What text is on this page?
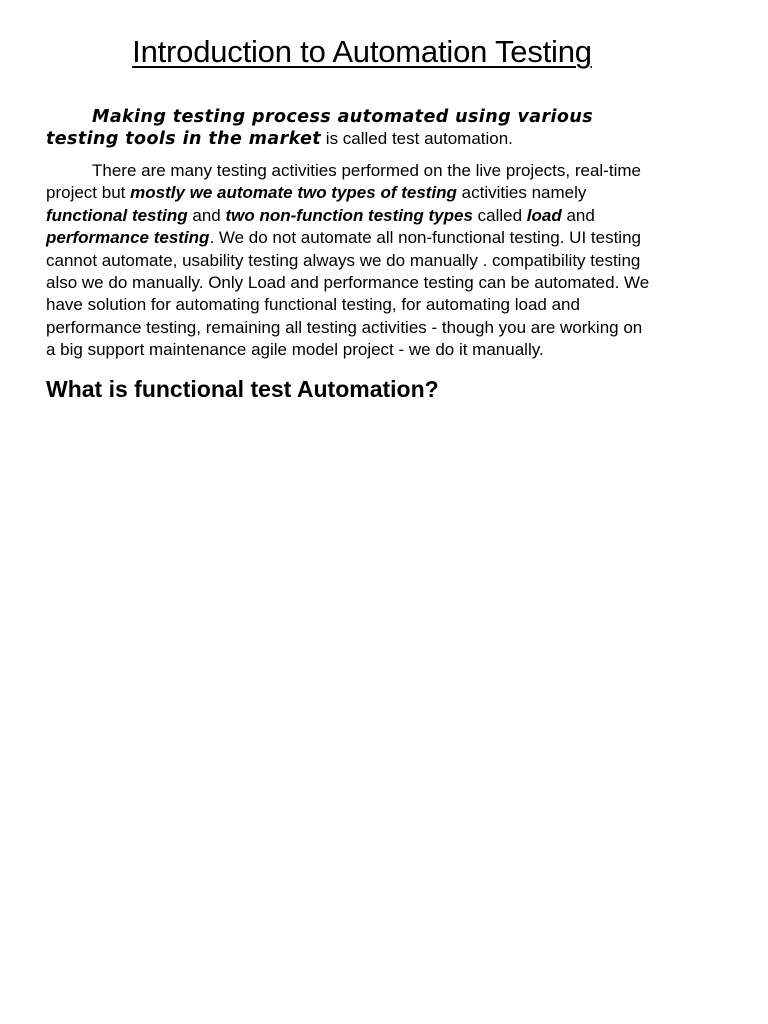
Introduction to Automation Testing

Making testing process automated using various testing tools in the market is called test automation.

There are many testing activities performed on the live projects, real-time project but mostly we automate two types of testing activities namely functional testing and two non-function testing types called load and performance testing. We do not automate all non-functional testing. UI testing cannot automate, usability testing always we do manually . compatibility testing also we do manually. Only Load and performance testing can be automated. We have solution for automating functional testing, for automating load and performance testing, remaining all testing activities - though you are working on a big support maintenance agile model project - we do it manually.

What is functional test Automation?
